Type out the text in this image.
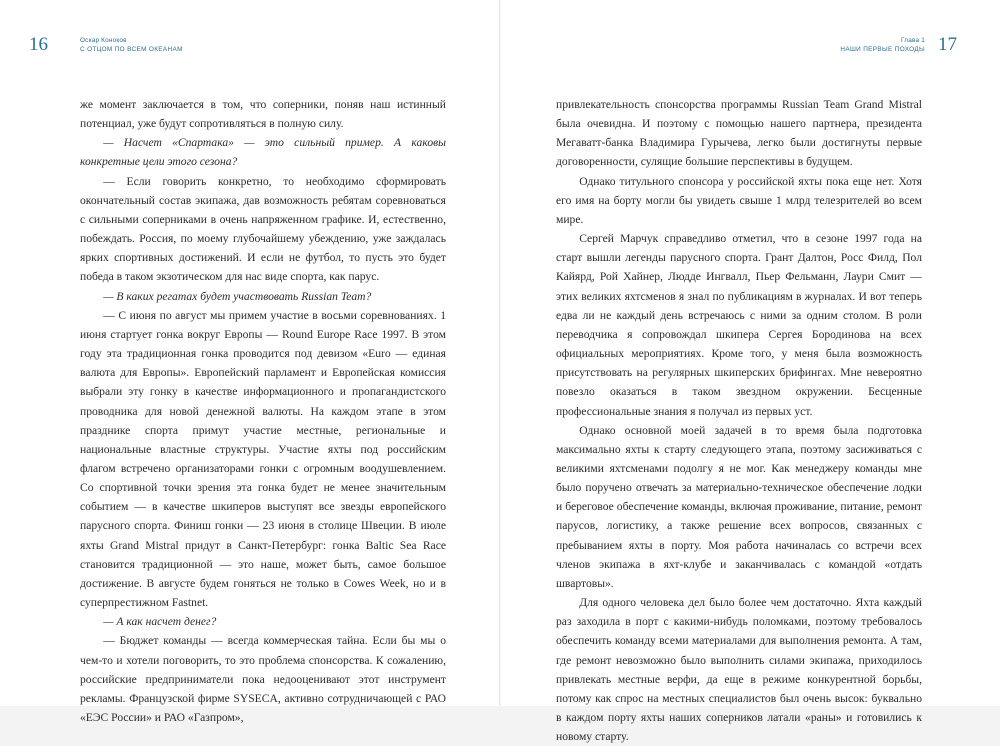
16	Оскар Коноков
С ОТЦОМ ПО ВСЕМ ОКЕАНАМ
Глава 1
НАШИ ПЕРВЫЕ ПОХОДЫ 17

же момент заключается в том, что соперники, поняв наш истинный потенциал, уже будут сопротивляться в полную силу.

— Насчет «Спартака» — это сильный пример. А каковы конкретные цели этого сезона?

— Если говорить конкретно, то необходимо сформировать окончательный состав экипажа, дав возможность ребятам соревноваться с сильными соперниками в очень напряженном графике. И, естественно, побеждать. Россия, по моему глубочайшему убеждению, уже заждалась ярких спортивных достижений. И если не футбол, то пусть это будет победа в таком экзотическом для нас виде спорта, как парус.

— В каких регатах будет участвовать Russian Team?

— С июня по август мы примем участие в восьми соревнованиях. 1 июня стартует гонка вокруг Европы — Round Europe Race 1997. В этом году эта традиционная гонка проводится под девизом «Euro — единая валюта для Европы». Европейский парламент и Европейская комиссия выбрали эту гонку в качестве информационного и пропагандистского проводника для новой денежной валюты. На каждом этапе в этом празднике спорта примут участие местные, региональные и национальные властные структуры. Участие яхты под российским флагом встречено организаторами гонки с огромным воодушевлением. Со спортивной точки зрения эта гонка будет не менее значительным событием — в качестве шкиперов выступят все звезды европейского парусного спорта. Финиш гонки — 23 июня в столице Швеции. В июле яхты Grand Mistral придут в Санкт-Петербург: гонка Baltic Sea Race становится традиционной — это наше, может быть, самое большое достижение. В августе будем гоняться не только в Cowes Week, но и в суперпрестижном Fastnet.

— А как насчет денег?

— Бюджет команды — всегда коммерческая тайна. Если бы мы о чем-то и хотели поговорить, то это проблема спонсорства. К сожалению, российские предприниматели пока недооценивают этот инструмент рекламы. Французской фирме SYSECA, активно сотрудничающей с РАО «ЕЭС России» и РАО «Газпром»,

привлекательность спонсорства программы Russian Team Grand Mistral была очевидна. И поэтому с помощью нашего партнера, президента Мегаватт-банка Владимира Гурычева, легко были достигнуты первые договоренности, сулящие большие перспективы в будущем.

Однако титульного спонсора у российской яхты пока еще нет. Хотя его имя на борту могли бы увидеть свыше 1 млрд телезрителей во всем мире.

Сергей Марчук справедливо отметил, что в сезоне 1997 года на старт вышли легенды парусного спорта. Грант Далтон, Росс Филд, Пол Кайярд, Рой Хайнер, Людде Ингвалл, Пьер Фельманн, Лаури Смит — этих великих яхтсменов я знал по публикациям в журналах. И вот теперь едва ли не каждый день встречаюсь с ними за одним столом. В роли переводчика я сопровождал шкипера Сергея Бородинова на всех официальных мероприятиях. Кроме того, у меня была возможность присутствовать на регулярных шкиперских брифингах. Мне невероятно повезло оказаться в таком звездном окружении. Бесценные профессиональные знания я получал из первых уст.

Однако основной моей задачей в то время была подготовка максимально яхты к старту следующего этапа, поэтому засиживаться с великими яхтсменами подолгу я не мог. Как менеджеру команды мне было поручено отвечать за материально-техническое обеспечение лодки и береговое обеспечение команды, включая проживание, питание, ремонт парусов, логистику, а также решение всех вопросов, связанных с пребыванием яхты в порту. Моя работа начиналась со встречи всех членов экипажа в яхт-клубе и заканчивалась с командой «отдать швартовы».

Для одного человека дел было более чем достаточно. Яхта каждый раз заходила в порт с какими-нибудь поломками, поэтому требовалось обеспечить команду всеми материалами для выполнения ремонта. А там, где ремонт невозможно было выполнить силами экипажа, приходилось привлекать местные верфи, да еще в режиме конкурентной борьбы, потому как спрос на местных специалистов был очень высок: буквально в каждом порту яхты наших соперников латали «раны» и готовились к новому старту.
